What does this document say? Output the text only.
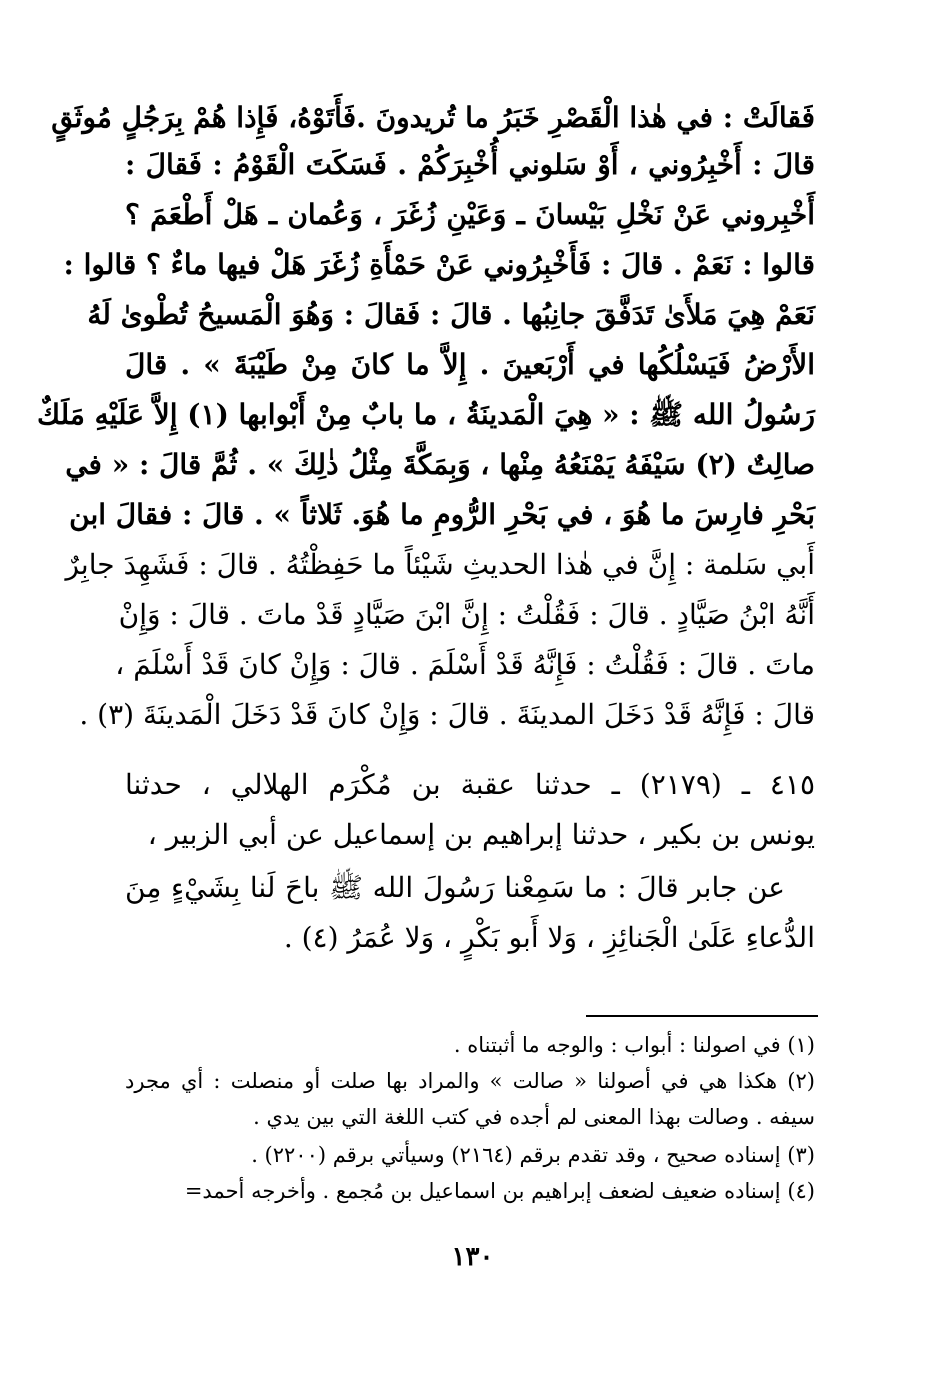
فَقالَتْ : في هٰذا الْقَصْرِ خَبَرُ ما تُريدونَ .فَأَتَوْهُ، فَإِذا هُمْ بِرَجُلٍ مُوثَقٍ
قالَ : أَخْبِرُوني ، أَوْ سَلوني أُخْبِرَكُمْ . فَسَكَتَ الْقَوْمُ : فَقالَ :
أَخْبِروني عَنْ نَخْلِ بَيْسانَ ـ وَعَيْنِ زُغَرَ ، وَعُمان ـ هَلْ أَطْعَمَ ؟
قالوا : نَعَمْ . قالَ : فَأَخْبِرُوني عَنْ حَمْأَةِ زُغَرَ هَلْ فيها ماءٌ ؟ قالوا :
نَعَمْ هِيَ مَلأَىٰ تَدَفَّقَ جانِبُها . قالَ : فَقالَ : وَهُوَ الْمَسيحُ تُطْوىٰ لَهُ
الأَرْضُ فَيَسْلُكُها في أَرْبَعينَ . إِلاَّ ما كانَ مِنْ طَيْبَةَ » . قالَ
رَسُولُ الله ﷺ : « هِيَ الْمَدينَةُ ، ما بابٌ مِنْ أَبْوابها (١) إِلاَّ عَلَيْهِ مَلَكٌ
صالِتٌ (٢) سَيْفَهُ يَمْنَعُهُ مِنْها ، وَبِمَكَّةَ مِثْلُ ذٰلِكَ » . ثُمَّ قالَ : « في
بَحْرِ فارِسَ ما هُوَ ، في بَحْرِ الرُّومِ ما هُوَ. ثَلاثاً » . قالَ : فقالَ ابن
أَبي سَلمة : إِنَّ في هٰذا الحديثِ شَيْئاً ما حَفِظْتُهُ . قالَ : فَشَهِدَ جابِرٌ
أَنَّهُ ابْنُ صَيَّادٍ . قالَ : فَقُلْتُ : إِنَّ ابْنَ صَيَّادٍ قَدْ ماتَ . قالَ : وَإِنْ
ماتَ . قالَ : فَقُلْتُ : فَإِنَّهُ قَدْ أَسْلَمَ . قالَ : وَإِنْ كانَ قَدْ أَسْلَمَ ،
قالَ : فَإِنَّهُ قَدْ دَخَلَ المدينَةَ . قالَ : وَإِنْ كانَ قَدْ دَخَلَ الْمَدينَةَ (٣) .
٤١٥ ـ (٢١٧٩) ـ حدثنا عقبة بن مُكْرَم الهلالي ، حدثنا
يونس بن بكير ، حدثنا إبراهيم بن إسماعيل عن أبي الزبير ،
عن جابر قالَ : ما سَمِعْنا رَسُولَ الله ﷺ باحَ لَنا بِشَيْءٍ مِنَ
الدُّعاءِ عَلَىٰ الْجَنائِزِ ، وَلا أَبو بَكْرٍ ، وَلا عُمَرُ (٤) .
(١) في اصولنا : أبواب : والوجه ما أثبتناه .
(٢) هكذا هي في أصولنا « صالت » والمراد بها صلت أو منصلت : أي مجرد
سيفه . وصالت بهذا المعنى لم أجده في كتب اللغة التي بين يدي .
(٣) إسناده صحيح ، وقد تقدم برقم (٢١٦٤) وسيأتي برقم (٢٢٠٠) .
(٤) إسناده ضعيف لضعف إبراهيم بن اسماعيل بن مُجمع . وأخرجه أحمد=
١٣٠
